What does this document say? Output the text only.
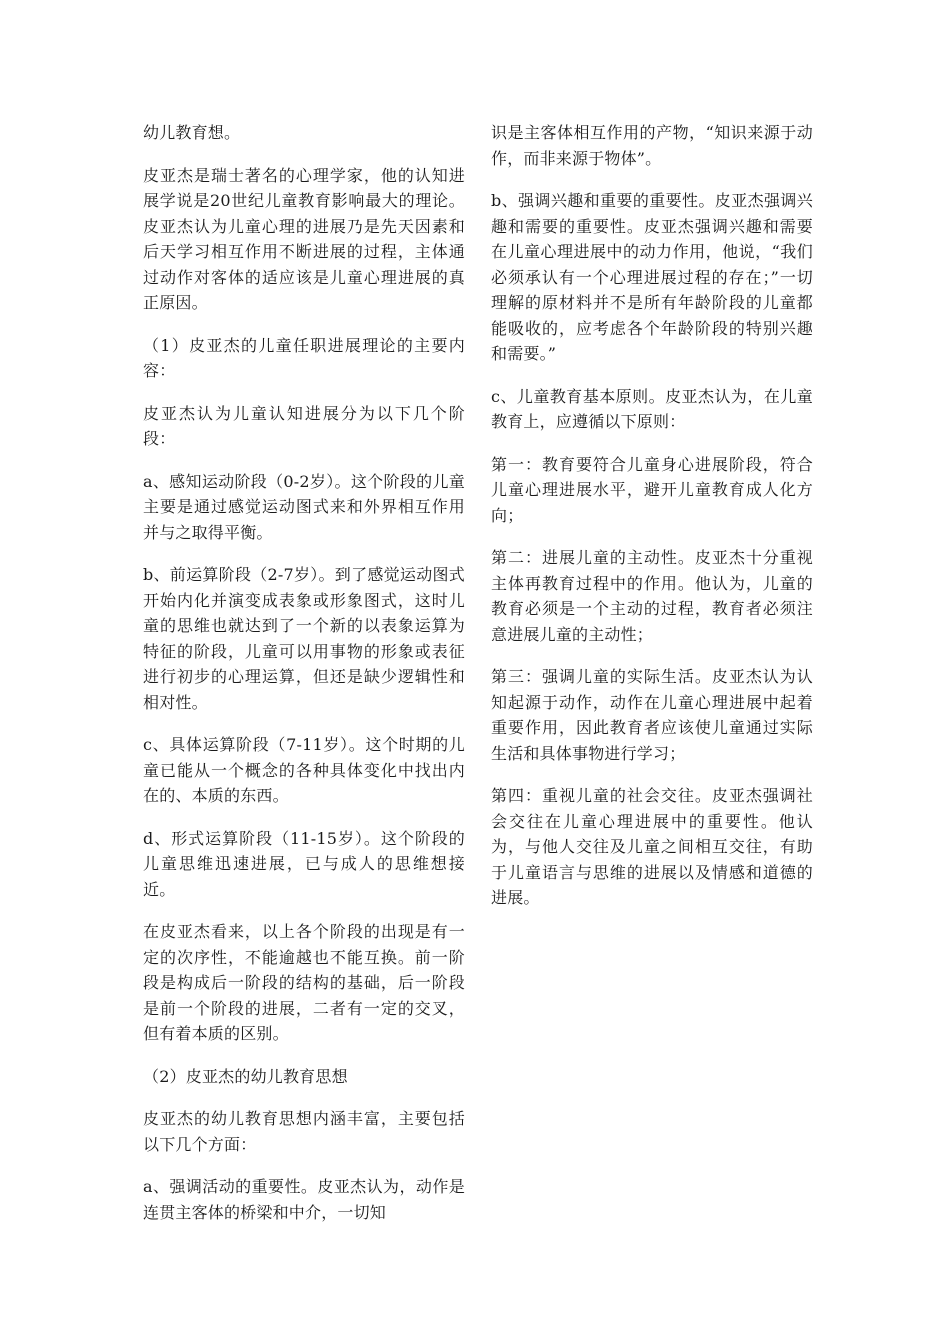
幼儿教育想。

皮亚杰是瑞士著名的心理学家，他的认知进展学说是20世纪儿童教育影响最大的理论。皮亚杰认为儿童心理的进展乃是先天因素和后天学习相互作用不断进展的过程，主体通过动作对客体的适应该是儿童心理进展的真正原因。

（1）皮亚杰的儿童任职进展理论的主要内容：

皮亚杰认为儿童认知进展分为以下几个阶段：

a、感知运动阶段（0-2岁）。这个阶段的儿童主要是通过感觉运动图式来和外界相互作用并与之取得平衡。

b、前运算阶段（2-7岁）。到了感觉运动图式开始内化并演变成表象或形象图式，这时儿童的思维也就达到了一个新的以表象运算为特征的阶段，儿童可以用事物的形象或表征进行初步的心理运算，但还是缺少逻辑性和相对性。

c、具体运算阶段（7-11岁）。这个时期的儿童已能从一个概念的各种具体变化中找出内在的、本质的东西。

d、形式运算阶段（11-15岁）。这个阶段的儿童思维迅速进展，已与成人的思维想接近。

在皮亚杰看来，以上各个阶段的出现是有一定的次序性，不能逾越也不能互换。前一阶段是构成后一阶段的结构的基础，后一阶段是前一个阶段的进展，二者有一定的交叉，但有着本质的区别。

（2）皮亚杰的幼儿教育思想

皮亚杰的幼儿教育思想内涵丰富，主要包括以下几个方面：

a、强调活动的重要性。皮亚杰认为，动作是连贯主客体的桥梁和中介，一切知

识是主客体相互作用的产物，“知识来源于动作，而非来源于物体”。

b、强调兴趣和重要的重要性。皮亚杰强调兴趣和需要的重要性。皮亚杰强调兴趣和需要在儿童心理进展中的动力作用，他说，“我们必须承认有一个心理进展过程的存在；”一切理解的原材料并不是所有年龄阶段的儿童都能吸收的，应考虑各个年龄阶段的特别兴趣和需要。”

c、儿童教育基本原则。皮亚杰认为，在儿童教育上，应遵循以下原则：

第一：教育要符合儿童身心进展阶段，符合儿童心理进展水平，避开儿童教育成人化方向；

第二：进展儿童的主动性。皮亚杰十分重视主体再教育过程中的作用。他认为，儿童的教育必须是一个主动的过程，教育者必须注意进展儿童的主动性；

第三：强调儿童的实际生活。皮亚杰认为认知起源于动作，动作在儿童心理进展中起着重要作用，因此教育者应该使儿童通过实际生活和具体事物进行学习；

第四：重视儿童的社会交往。皮亚杰强调社会交往在儿童心理进展中的重要性。他认为，与他人交往及儿童之间相互交往，有助于儿童语言与思维的进展以及情感和道德的进展。
